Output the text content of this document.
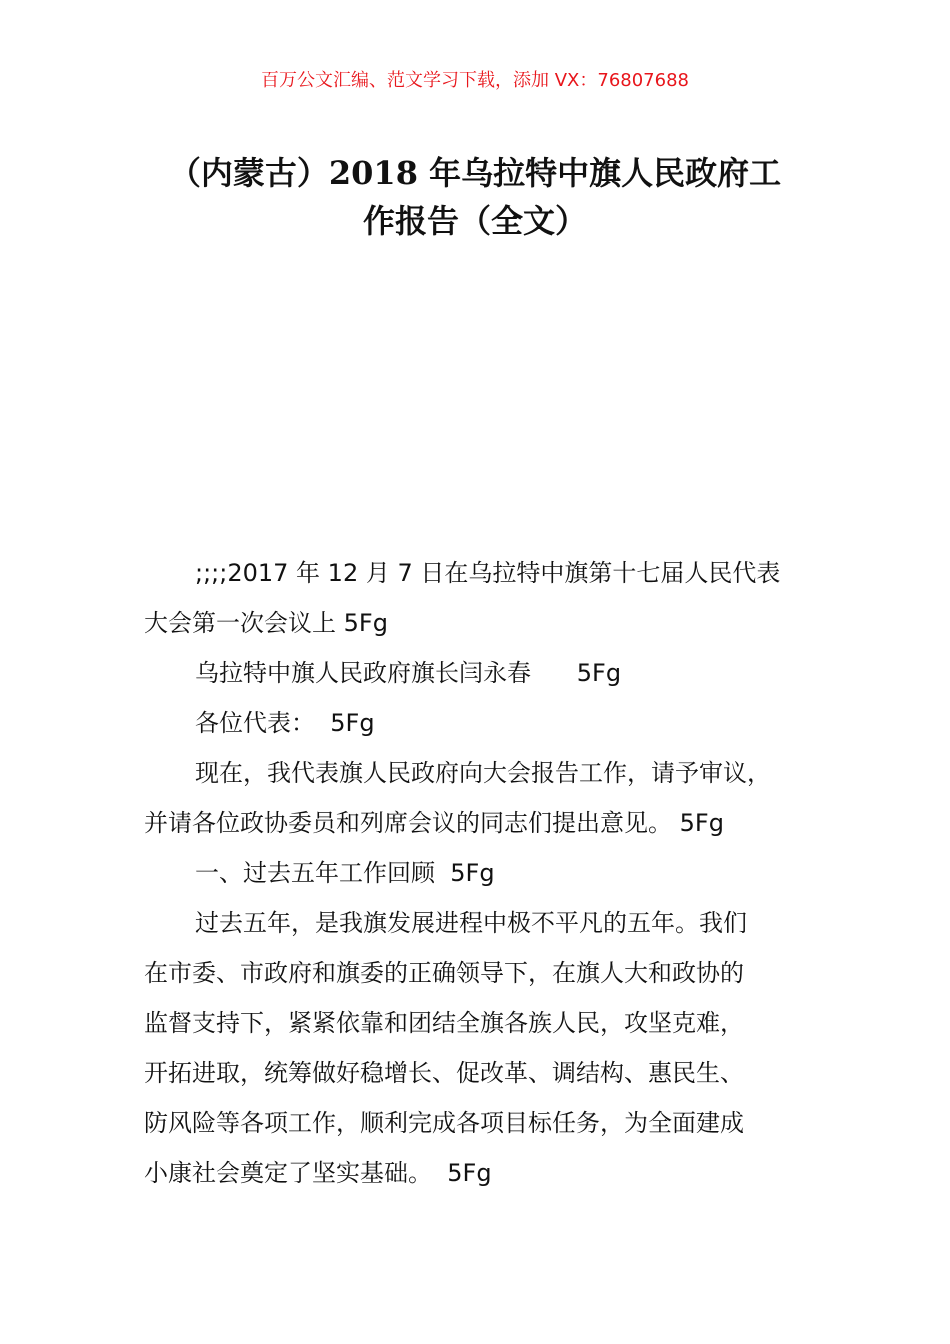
百万公文汇编、范文学习下载，添加 VX：76807688
（内蒙古）2018 年乌拉特中旗人民政府工
作报告（全文）
;;;;2017 年 12 月 7 日在乌拉特中旗第十七届人民代表
大会第一次会议上 5Fg
乌拉特中旗人民政府旗长闫永春      5Fg
各位代表：  5Fg
现在，我代表旗人民政府向大会报告工作，请予审议，
并请各位政协委员和列席会议的同志们提出意见。 5Fg
一、过去五年工作回顾  5Fg
过去五年，是我旗发展进程中极不平凡的五年。我们
在市委、市政府和旗委的正确领导下，在旗人大和政协的
监督支持下，紧紧依靠和团结全旗各族人民，攻坚克难，
开拓进取，统筹做好稳增长、促改革、调结构、惠民生、
防风险等各项工作，顺利完成各项目标任务，为全面建成
小康社会奠定了坚实基础。  5Fg
